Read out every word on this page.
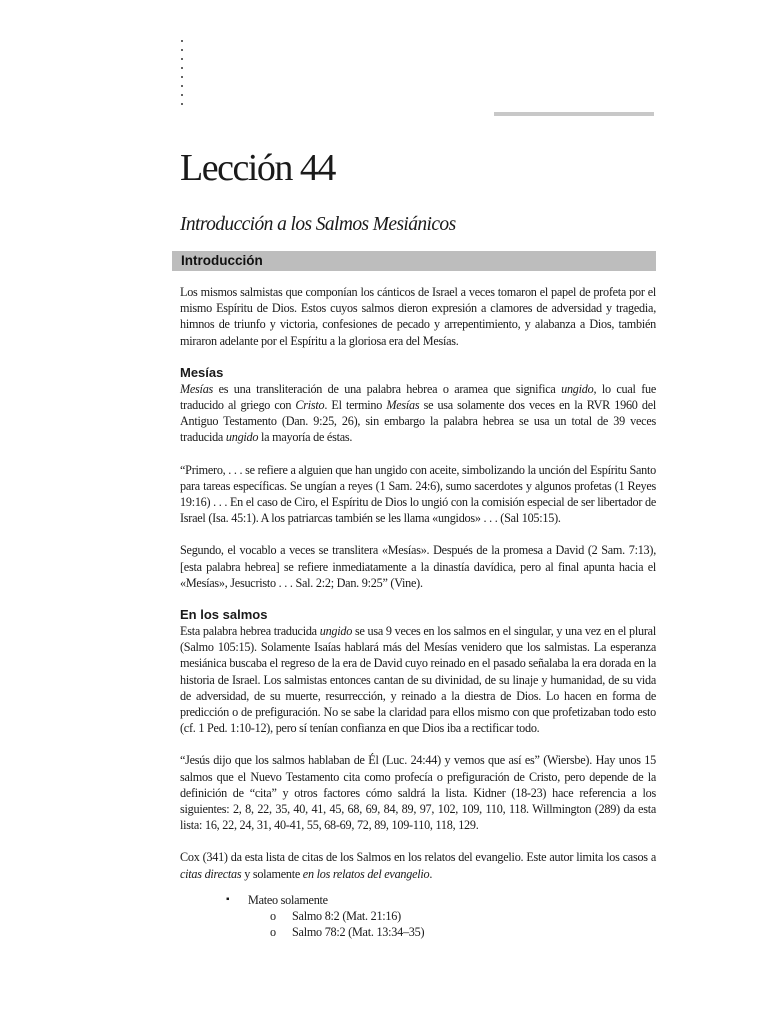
Lección 44
Introducción a los Salmos Mesiánicos
Introducción

Los mismos salmistas que componían los cánticos de Israel a veces tomaron el papel de profeta por el mismo Espíritu de Dios. Estos cuyos salmos dieron expresión a clamores de adversidad y tragedia, himnos de triunfo y victoria, confesiones de pecado y arrepentimiento, y alabanza a Dios, también miraron adelante por el Espíritu a la gloriosa era del Mesías.

Mesías

Mesías es una transliteración de una palabra hebrea o aramea que significa ungido, lo cual fue traducido al griego con Cristo. El termino Mesías se usa solamente dos veces en la RVR 1960 del Antiguo Testamento (Dan. 9:25, 26), sin embargo la palabra hebrea se usa un total de 39 veces traducida ungido la mayoría de éstas.

“Primero, . . . se refiere a alguien que han ungido con aceite, simbolizando la unción del Espíritu Santo para tareas específicas. Se ungían a reyes (1 Sam. 24:6), sumo sacerdotes y algunos profetas (1 Reyes 19:16) . . . En el caso de Ciro, el Espíritu de Dios lo ungió con la comisión especial de ser libertador de Israel (Isa. 45:1). A los patriarcas también se les llama «ungidos» . . . (Sal 105:15).

Segundo, el vocablo a veces se translitera «Mesías». Después de la promesa a David (2 Sam. 7:13), [esta palabra hebrea] se refiere inmediatamente a la dinastía davídica, pero al final apunta hacia el «Mesías», Jesucristo . . . Sal. 2:2; Dan. 9:25” (Vine).

En los salmos

Esta palabra hebrea traducida ungido se usa 9 veces en los salmos en el singular, y una vez en el plural (Salmo 105:15). Solamente Isaías hablará más del Mesías venidero que los salmistas. La esperanza mesiánica buscaba el regreso de la era de David cuyo reinado en el pasado señalaba la era dorada en la historia de Israel. Los salmistas entonces cantan de su divinidad, de su linaje y humanidad, de su vida de adversidad, de su muerte, resurrección, y reinado a la diestra de Dios. Lo hacen en forma de predicción o de prefiguración. No se sabe la claridad para ellos mismo con que profetizaban todo esto (cf. 1 Ped. 1:10-12), pero sí tenían confianza en que Dios iba a rectificar todo.

“Jesús dijo que los salmos hablaban de Él (Luc. 24:44) y vemos que así es” (Wiersbe). Hay unos 15 salmos que el Nuevo Testamento cita como profecía o prefiguración de Cristo, pero depende de la definición de “cita” y otros factores cómo saldrá la lista. Kidner (18-23) hace referencia a los siguientes: 2, 8, 22, 35, 40, 41, 45, 68, 69, 84, 89, 97, 102, 109, 110, 118. Willmington (289) da esta lista: 16, 22, 24, 31, 40-41, 55, 68-69, 72, 89, 109-110, 118, 129.

Cox (341) da esta lista de citas de los Salmos en los relatos del evangelio. Este autor limita los casos a citas directas y solamente en los relatos del evangelio.

▪ Mateo solamente
o Salmo 8:2 (Mat. 21:16)
o Salmo 78:2 (Mat. 13:34–35)
